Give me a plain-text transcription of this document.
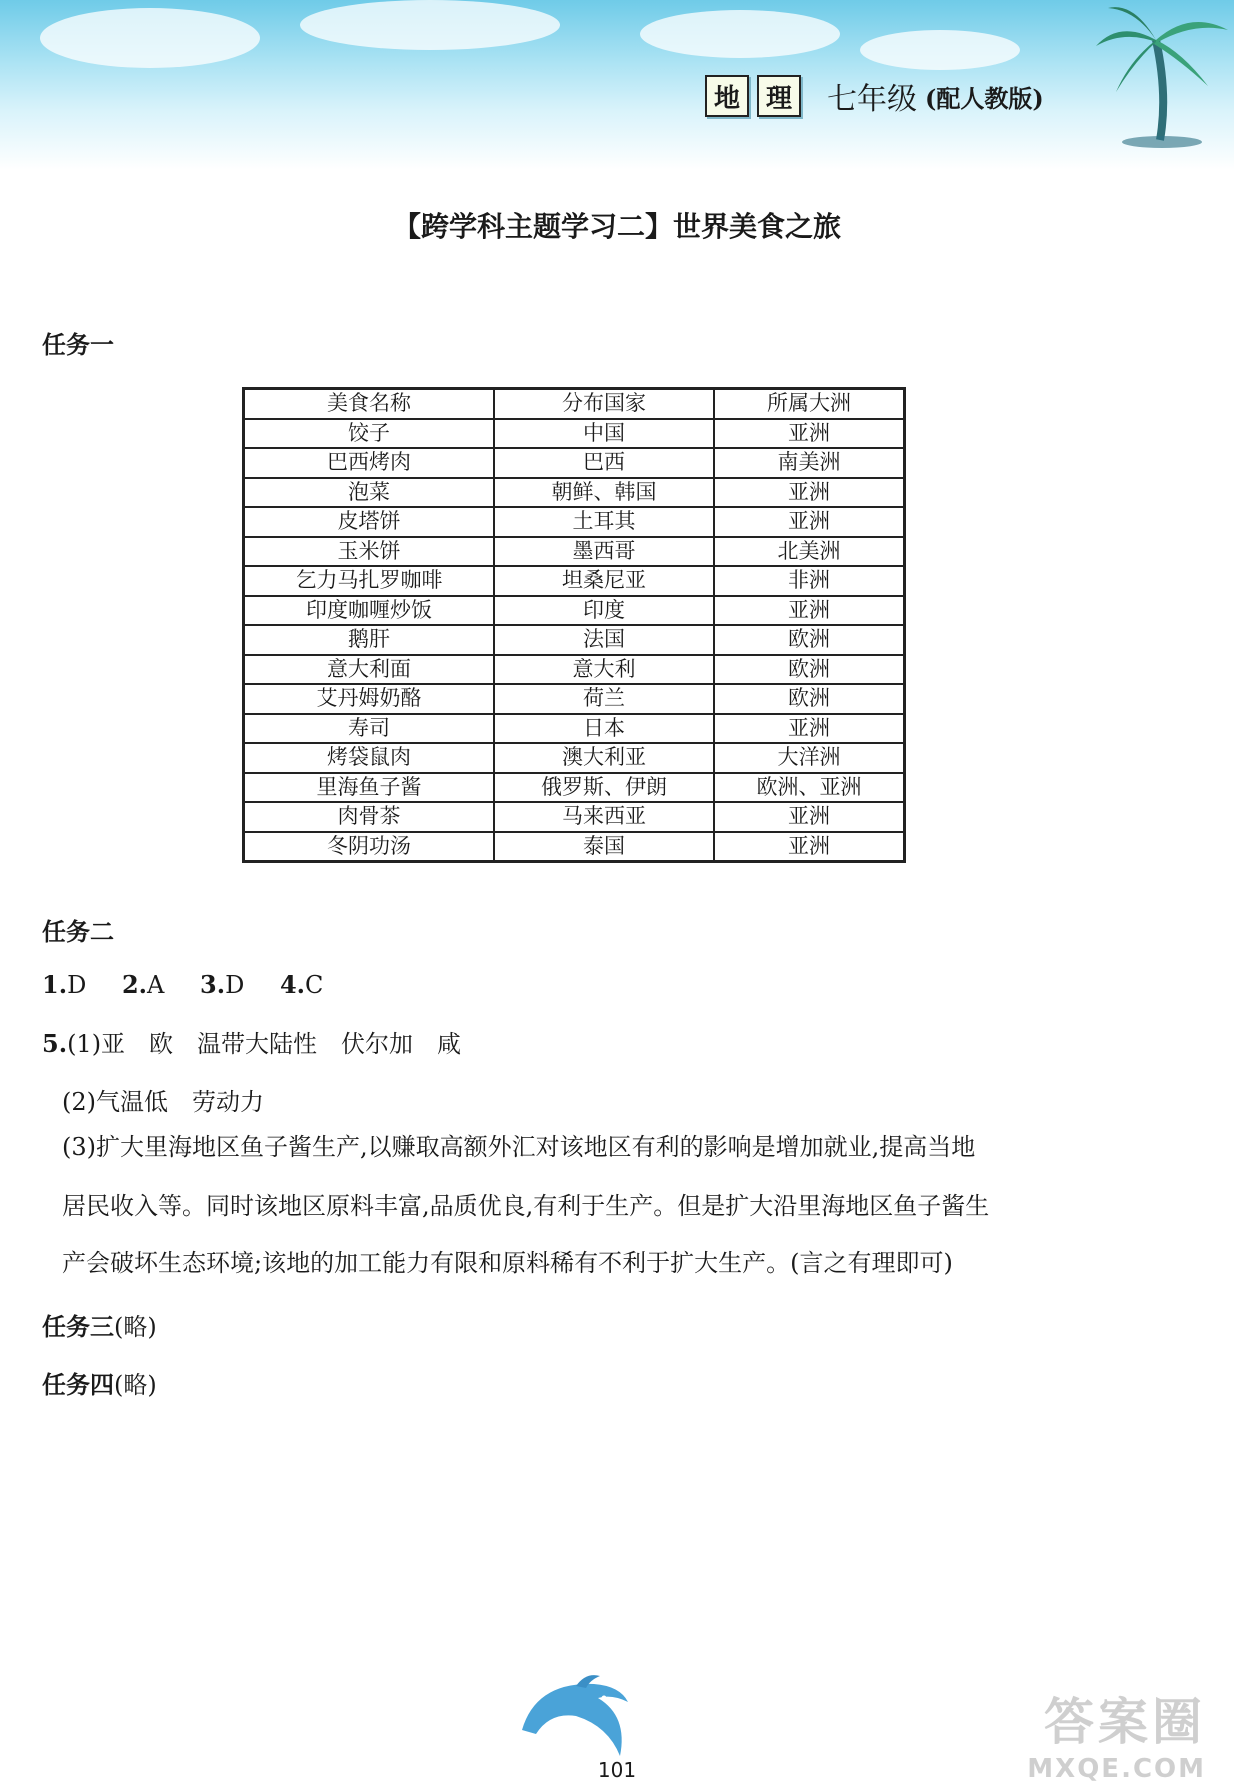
地 理	七年级 (配人教版)
【跨学科主题学习二】世界美食之旅
任务一
美食名称	分布国家	所属大洲
饺子	中国	亚洲
巴西烤肉	巴西	南美洲
泡菜	朝鲜、韩国	亚洲
皮塔饼	土耳其	亚洲
玉米饼	墨西哥	北美洲
乞力马扎罗咖啡	坦桑尼亚	非洲
印度咖喱炒饭	印度	亚洲
鹅肝	法国	欧洲
意大利面	意大利	欧洲
艾丹姆奶酪	荷兰	欧洲
寿司	日本	亚洲
烤袋鼠肉	澳大利亚	大洋洲
里海鱼子酱	俄罗斯、伊朗	欧洲、亚洲
肉骨茶	马来西亚	亚洲
冬阴功汤	泰国	亚洲
任务二
1.D 2.A 3.D 4.C
5.(1)亚　欧　温带大陆性　伏尔加　咸
(2)气温低　劳动力
(3)扩大里海地区鱼子酱生产,以赚取高额外汇对该地区有利的影响是增加就业,提高当地
居民收入等。同时该地区原料丰富,品质优良,有利于生产。但是扩大沿里海地区鱼子酱生
产会破坏生态环境;该地的加工能力有限和原料稀有不利于扩大生产。(言之有理即可)
任务三(略)
任务四(略)
101
答案圈
MXQE.COM
